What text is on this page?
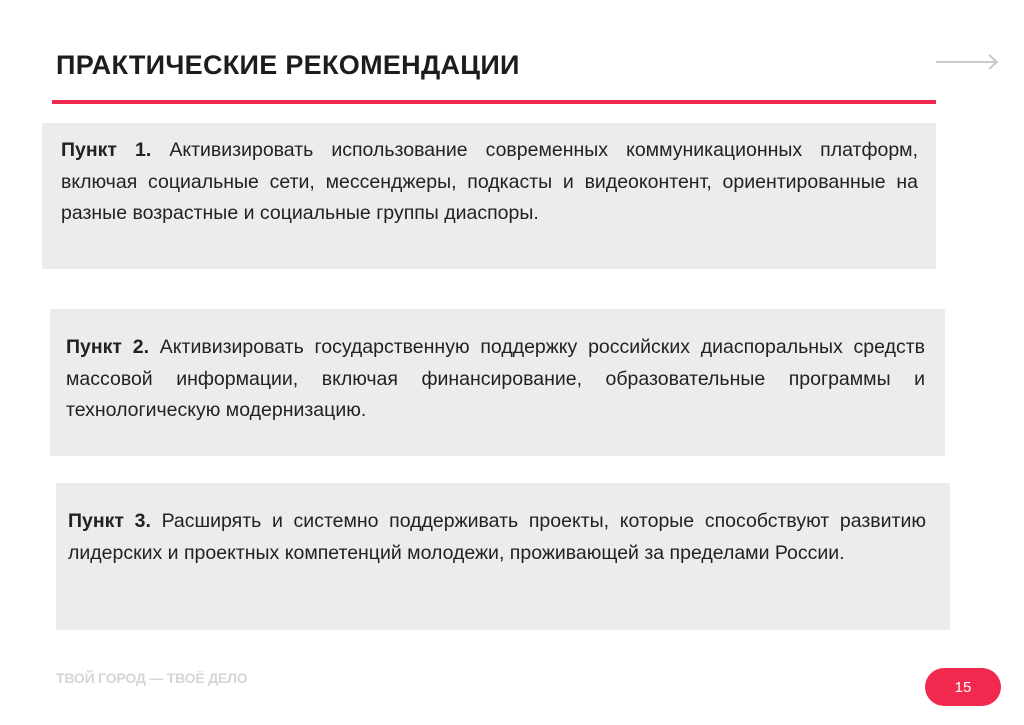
ПРАКТИЧЕСКИЕ РЕКОМЕНДАЦИИ

Пункт 1. Активизировать использование современных коммуникационных платформ, включая социальные сети, мессенджеры, подкасты и видеоконтент, ориентированные на разные возрастные и социальные группы диаспоры.

Пункт 2. Активизировать государственную поддержку российских диаспоральных средств массовой информации, включая финансирование, образовательные программы и технологическую модернизацию.

Пункт 3. Расширять и системно поддерживать проекты, которые способствуют развитию лидерских и проектных компетенций молодежи, проживающей за пределами России.

ТВОЙ ГОРОД — ТВОЁ ДЕЛО
15
